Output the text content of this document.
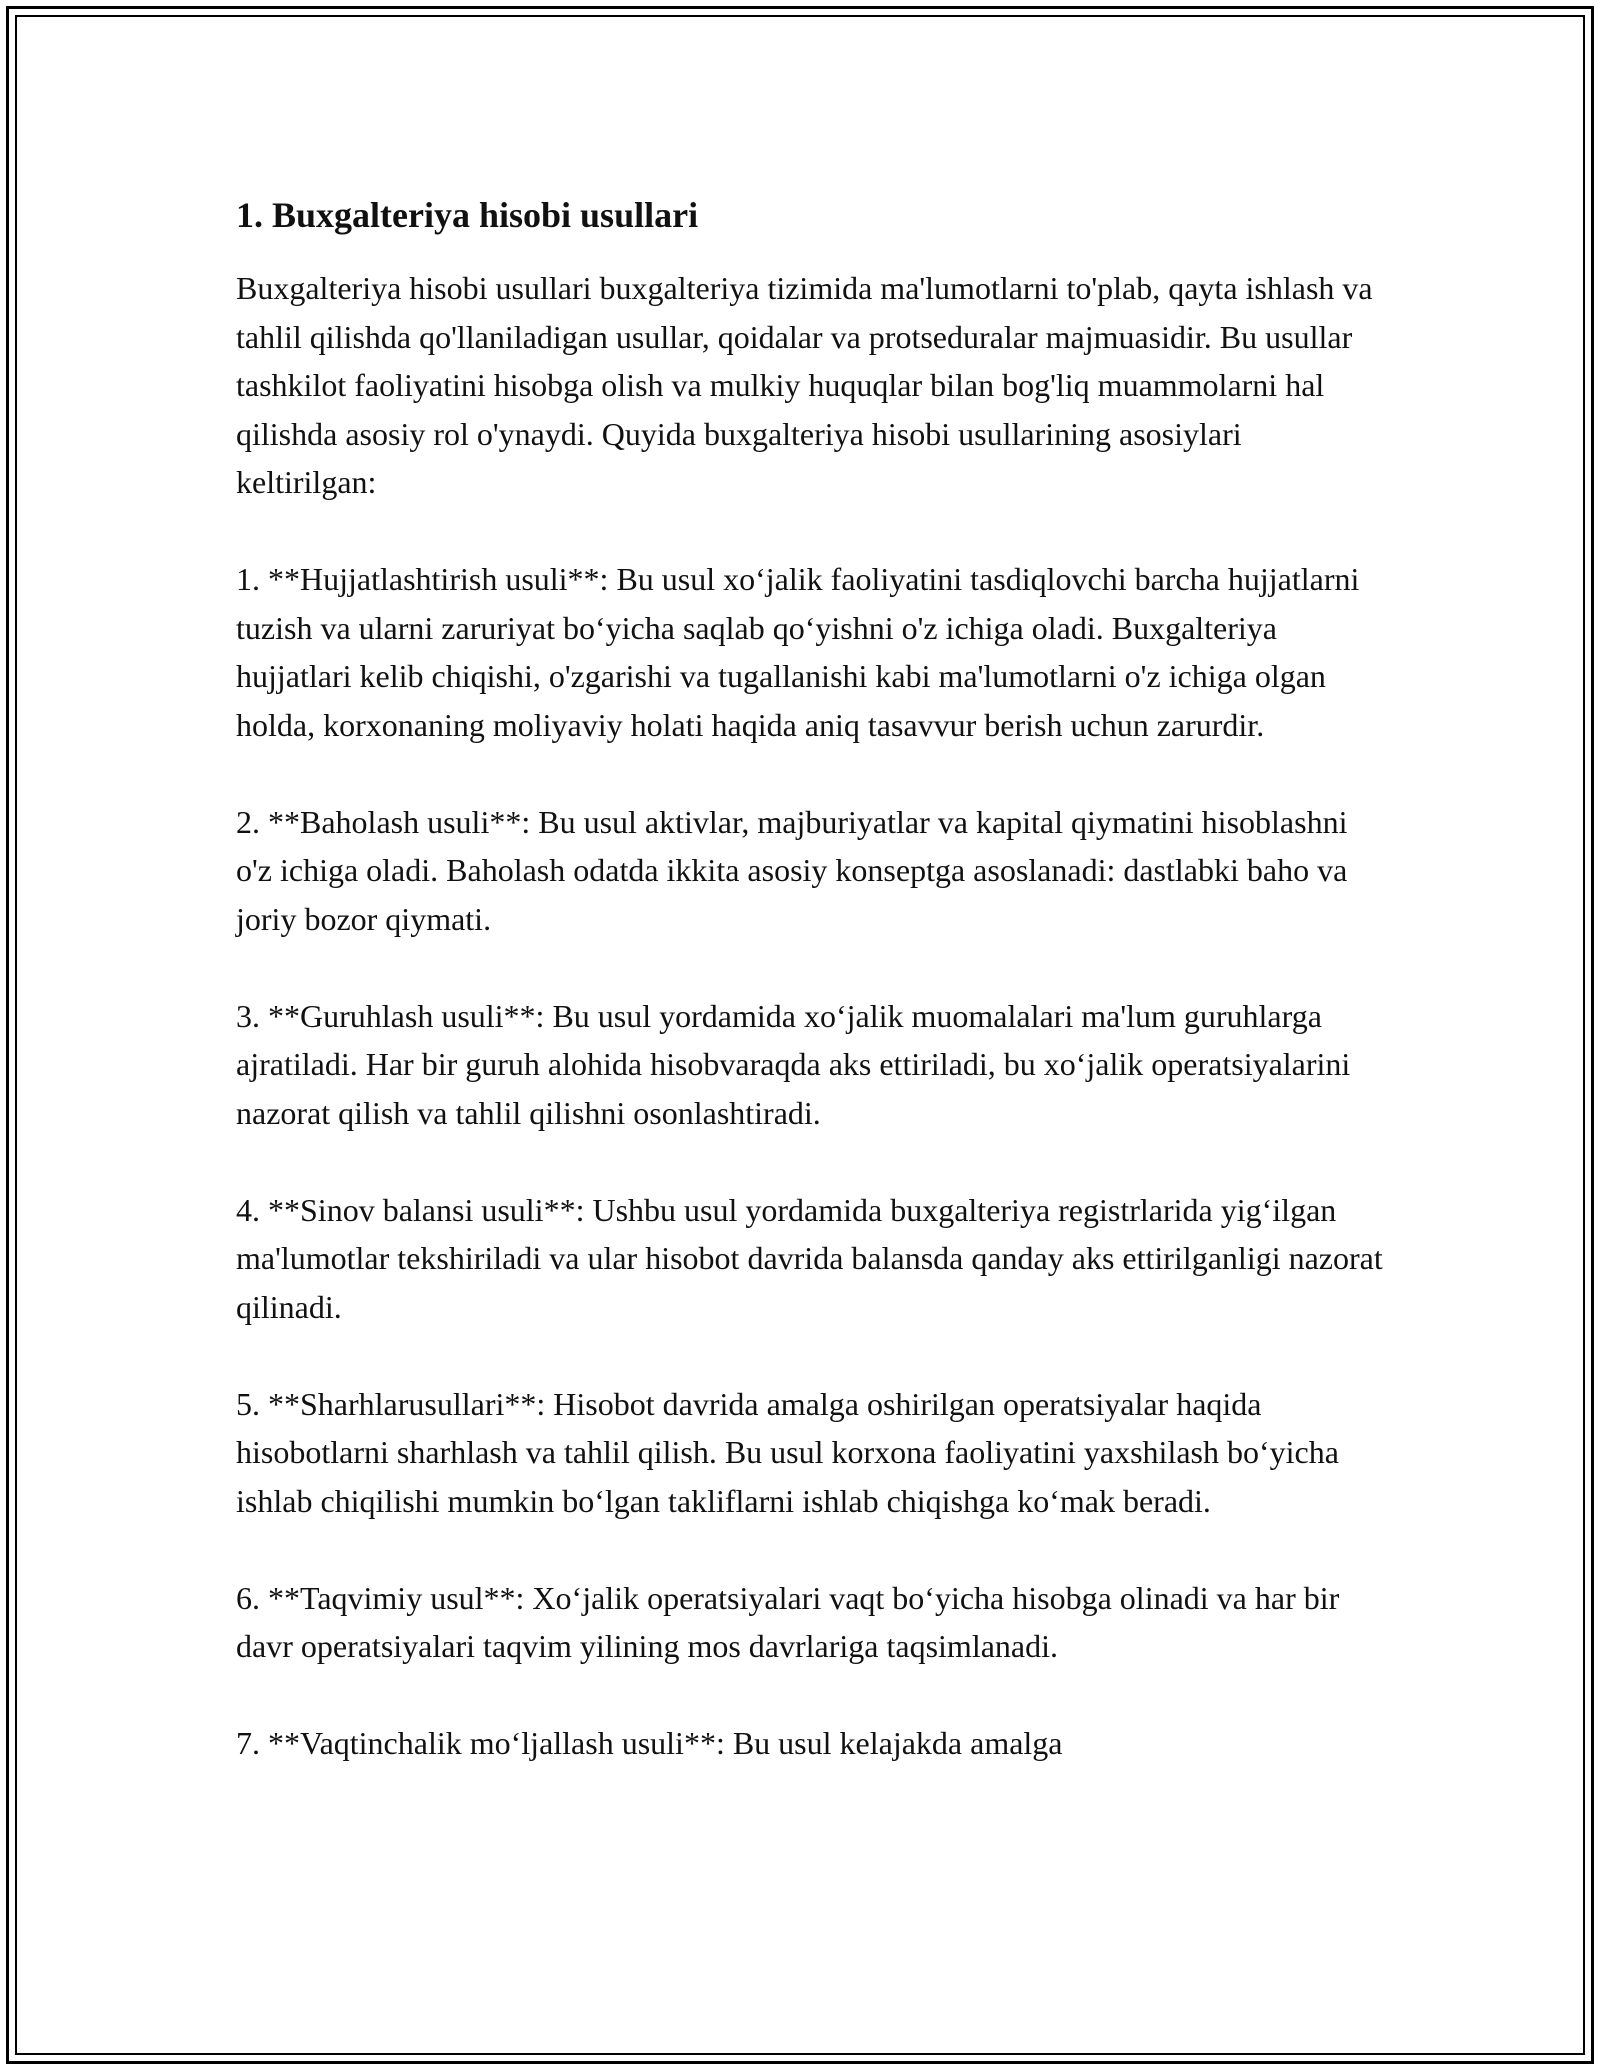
1. Buxgalteriya hisobi usullari

Buxgalteriya hisobi usullari buxgalteriya tizimida ma'lumotlarni to'plab, qayta ishlash va tahlil qilishda qo'llaniladigan usullar, qoidalar va protseduralar majmuasidir. Bu usullar tashkilot faoliyatini hisobga olish va mulkiy huquqlar bilan bog'liq muammolarni hal qilishda asosiy rol o'ynaydi. Quyida buxgalteriya hisobi usullarining asosiylari keltirilgan:

1. **Hujjatlashtirish usuli**: Bu usul xoʻjalik faoliyatini tasdiqlovchi barcha hujjatlarni tuzish va ularni zaruriyat boʻyicha saqlab qoʻyishni o'z ichiga oladi. Buxgalteriya hujjatlari kelib chiqishi, o'zgarishi va tugallanishi kabi ma'lumotlarni o'z ichiga olgan holda, korxonaning moliyaviy holati haqida aniq tasavvur berish uchun zarurdir.

2. **Baholash usuli**: Bu usul aktivlar, majburiyatlar va kapital qiymatini hisoblashni o'z ichiga oladi. Baholash odatda ikkita asosiy konseptga asoslanadi: dastlabki baho va joriy bozor qiymati.

3. **Guruhlash usuli**: Bu usul yordamida xoʻjalik muomalalari ma'lum guruhlarga ajratiladi. Har bir guruh alohida hisobvaraqda aks ettiriladi, bu xoʻjalik operatsiyalarini nazorat qilish va tahlil qilishni osonlashtiradi.

4. **Sinov balansi usuli**: Ushbu usul yordamida buxgalteriya registrlarida yigʻilgan ma'lumotlar tekshiriladi va ular hisobot davrida balansda qanday aks ettirilganligi nazorat qilinadi.

5. **Sharhlarusullari**: Hisobot davrida amalga oshirilgan operatsiyalar haqida hisobotlarni sharhlash va tahlil qilish. Bu usul korxona faoliyatini yaxshilash boʻyicha ishlab chiqilishi mumkin boʻlgan takliflarni ishlab chiqishga koʻmak beradi.

6. **Taqvimiy usul**: Xoʻjalik operatsiyalari vaqt boʻyicha hisobga olinadi va har bir davr operatsiyalari taqvim yilining mos davrlariga taqsimlanadi.

7. **Vaqtinchalik moʻljallash usuli**: Bu usul kelajakda amalga
